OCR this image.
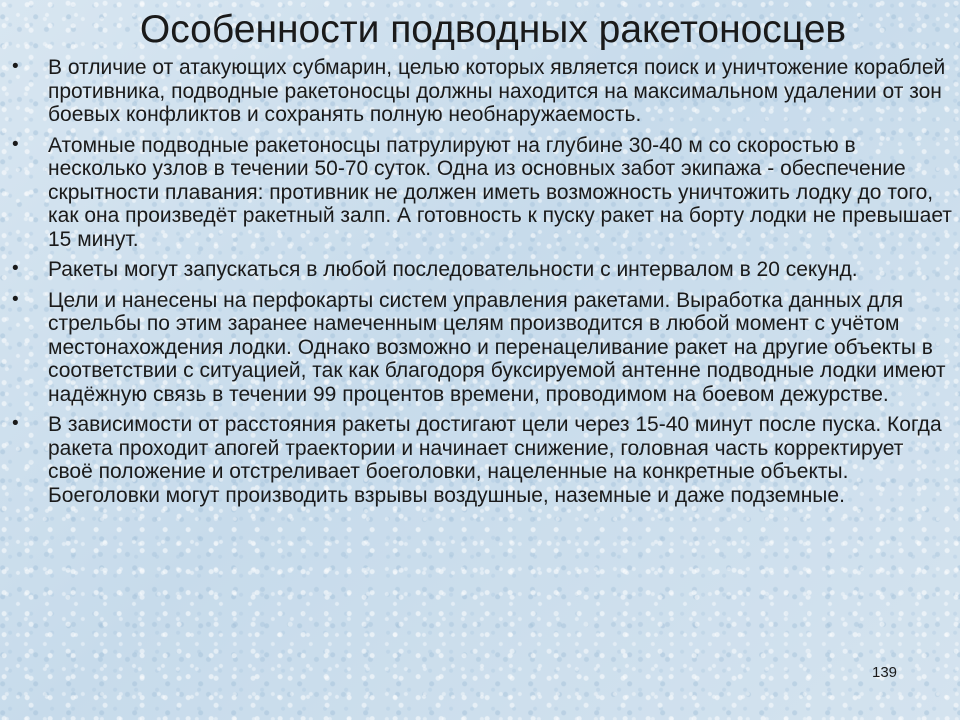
Особенности подводных ракетоносцев
• В отличие от атакующих субмарин, целью которых является поиск и уничтожение кораблей противника, подводные ракетоносцы должны находится на максимальном удалении от зон боевых конфликтов и сохранять полную необнаружаемость.
• Атомные подводные ракетоносцы патрулируют на глубине 30-40 м со скоростью в несколько узлов в течении 50-70 суток. Одна из основных забот экипажа - обеспечение скрытности плавания: противник не должен иметь возможность уничтожить лодку до того, как она произведёт ракетный залп. А готовность к пуску ракет на борту лодки не превышает 15 минут.
• Ракеты могут запускаться в любой последовательности с интервалом в 20 секунд.
• Цели и нанесены на перфокарты систем управления ракетами. Выработка данных для стрельбы по этим заранее намеченным целям производится в любой момент с учётом местонахождения лодки. Однако возможно и перенацеливание ракет на другие объекты в соответствии с ситуацией, так как благодоря буксируемой антенне подводные лодки имеют надёжную связь в течении 99 процентов времени, проводимом на боевом дежурстве.
• В зависимости от расстояния ракеты достигают цели через 15-40 минут после пуска. Когда ракета проходит апогей траектории и начинает снижение, головная часть корректирует своё положение и отстреливает боеголовки, нацеленные на конкретные объекты. Боеголовки могут производить взрывы воздушные, наземные и даже подземные.
139
